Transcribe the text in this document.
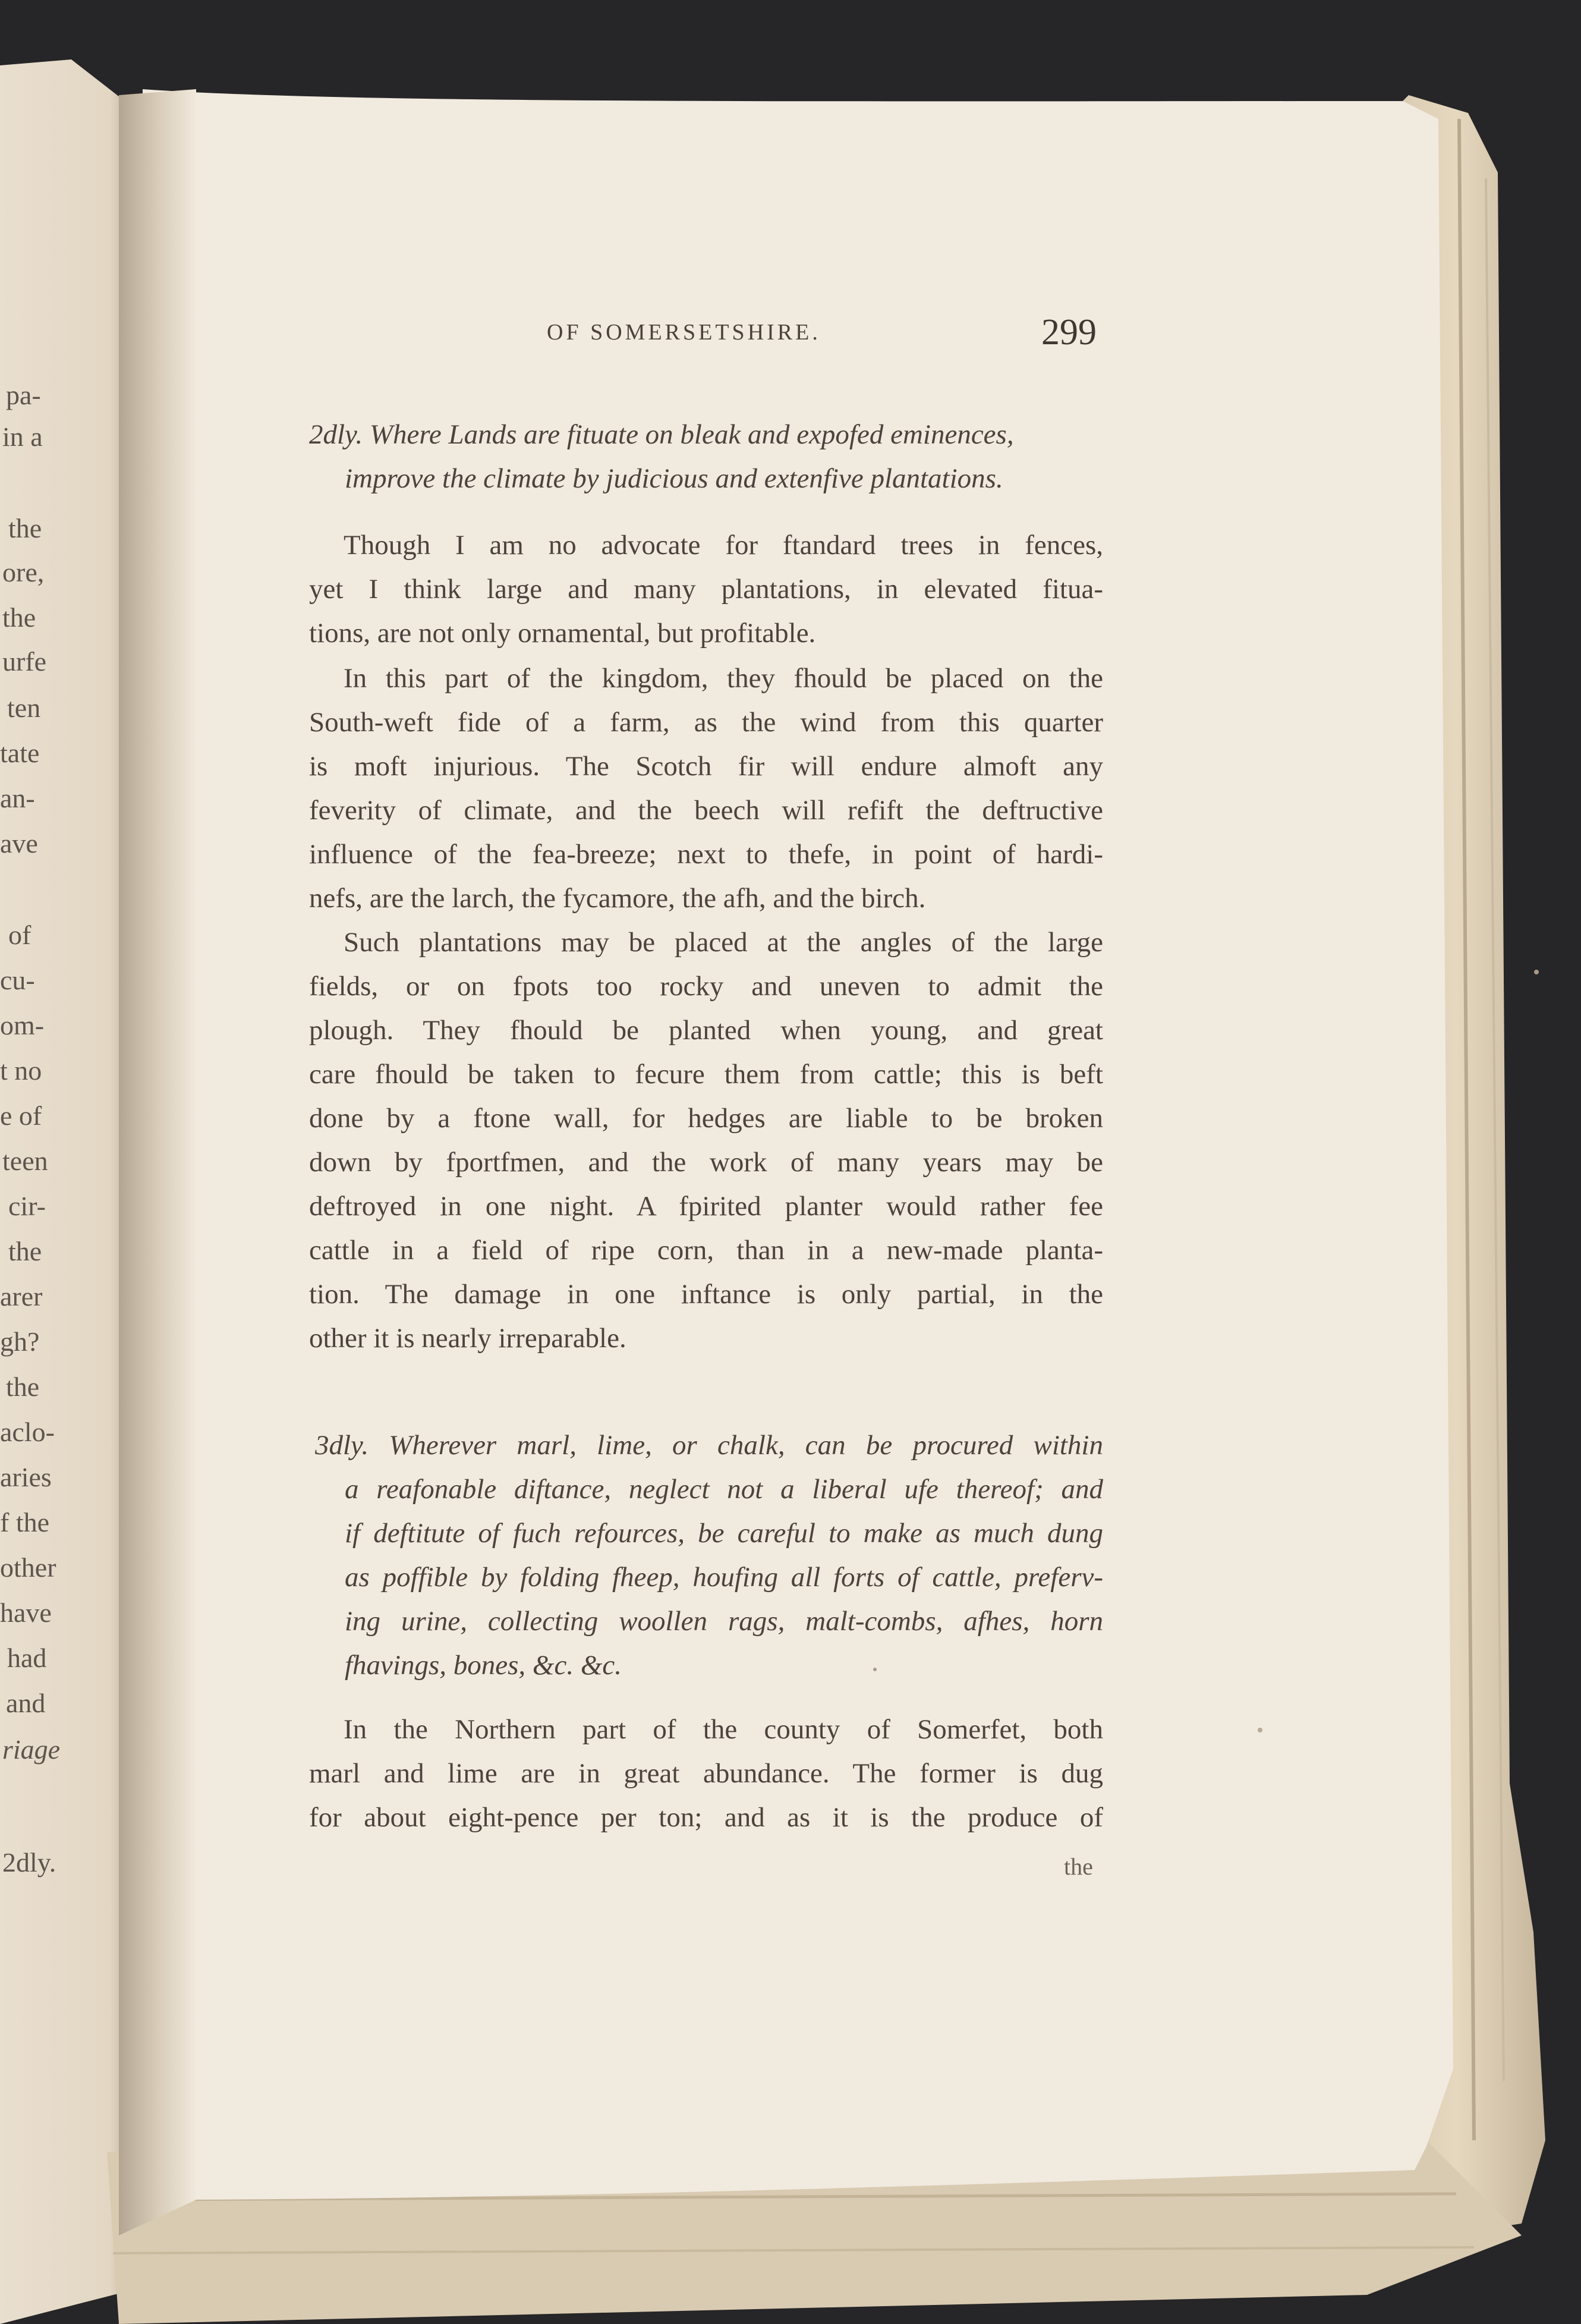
pa-
in a
the
ore,
the
urfe
ten
tate
an-
ave
of
cu-
om-
t no
e of
teen
cir-
the
arer
gh?
the
aclo-
aries
f the
other
have
had
and
riage
2dly.
OF SOMERSETSHIRE.	299
2dly. Where Lands are fituate on bleak and expofed eminences,
improve the climate by judicious and extenfive plantations.
Though I am no advocate for ftandard trees in fences,
yet I think large and many plantations, in elevated fitua-
tions, are not only ornamental, but profitable.
In this part of the kingdom, they fhould be placed on the
South-weft fide of a farm, as the wind from this quarter
is moft injurious. The Scotch fir will endure almoft any
feverity of climate, and the beech will refift the deftructive
influence of the fea-breeze; next to thefe, in point of hardi-
nefs, are the larch, the fycamore, the afh, and the birch.
Such plantations may be placed at the angles of the large
fields, or on fpots too rocky and uneven to admit the
plough. They fhould be planted when young, and great
care fhould be taken to fecure them from cattle; this is beft
done by a ftone wall, for hedges are liable to be broken
down by fportfmen, and the work of many years may be
deftroyed in one night. A fpirited planter would rather fee
cattle in a field of ripe corn, than in a new-made planta-
tion. The damage in one inftance is only partial, in the
other it is nearly irreparable.
3dly. Wherever marl, lime, or chalk, can be procured within
a reafonable diftance, neglect not a liberal ufe thereof; and
if deftitute of fuch refources, be careful to make as much dung
as poffible by folding fheep, houfing all forts of cattle, preferv-
ing urine, collecting woollen rags, malt-combs, afhes, horn
fhavings, bones, &c. &c.
In the Northern part of the county of Somerfet, both
marl and lime are in great abundance. The former is dug
for about eight-pence per ton; and as it is the produce of
the
